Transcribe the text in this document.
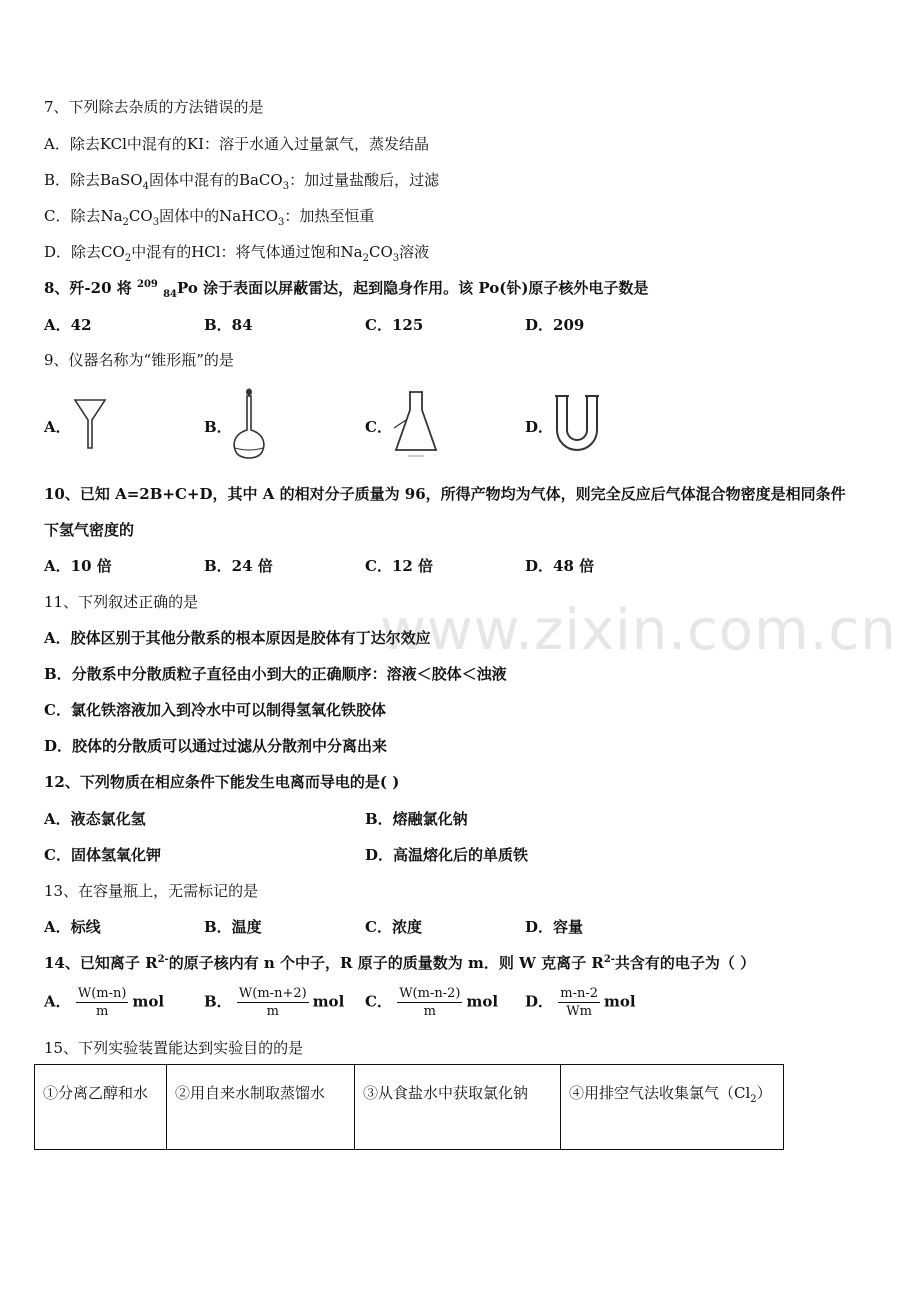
www.zixin.com.cn
7、下列除去杂质的方法错误的是
A．除去KCl中混有的KI：溶于水通入过量氯气，蒸发结晶
B．除去BaSO$_4$固体中混有的BaCO$_3$：加过量盐酸后，过滤
C．除去$Na_2CO_3$固体中的NaHCO$_3$：加热至恒重
D．除去$CO_2$中混有的HCl：将气体通过饱和$Na_2CO_3$溶液
8、歼-20 将 $^{209}$ $_{84}$Po 涂于表面以屏蔽雷达，起到隐身作用。该 Po(钋)原子核外电子数是
A．42	B．84	C．125	D．209
9、仪器名称为“锥形瓶”的是
A．	B．	C．	D．
10、已知 A=2B+C+D，其中 A 的相对分子质量为 96，所得产物均为气体，则完全反应后气体混合物密度是相同条件
下氢气密度的
A．10 倍	B．24 倍	C．12 倍	D．48 倍
11、下列叙述正确的是
A．胶体区别于其他分散系的根本原因是胶体有丁达尔效应
B．分散系中分散质粒子直径由小到大的正确顺序：溶液＜胶体＜浊液
C．氯化铁溶液加入到冷水中可以制得氢氧化铁胶体
D．胶体的分散质可以通过过滤从分散剂中分离出来
12、下列物质在相应条件下能发生电离而导电的是( )
A．液态氯化氢	B．熔融氯化钠
C．固体氢氧化钾	D．高温熔化后的单质铁
13、在容量瓶上，无需标记的是
A．标线	B．温度	C．浓度	D．容量
14、已知离子 $R^{2-}$的原子核内有 n 个中子，R 原子的质量数为 m．则 W 克离子 $R^{2-}$共含有的电子为（ ）
A． $\frac{W(m-n)}{m}$ mol	B． $\frac{W(m-n+2)}{m}$ mol C． $\frac{W(m-n-2)}{m}$ mol D． $\frac{m-n-2}{Wm}$ mol
15、下列实验装置能达到实验目的的是
①分离乙醇和水	②用自来水制取蒸馏水	③从食盐水中获取氯化钠	④用排空气法收集氯气$(Cl_2)$
